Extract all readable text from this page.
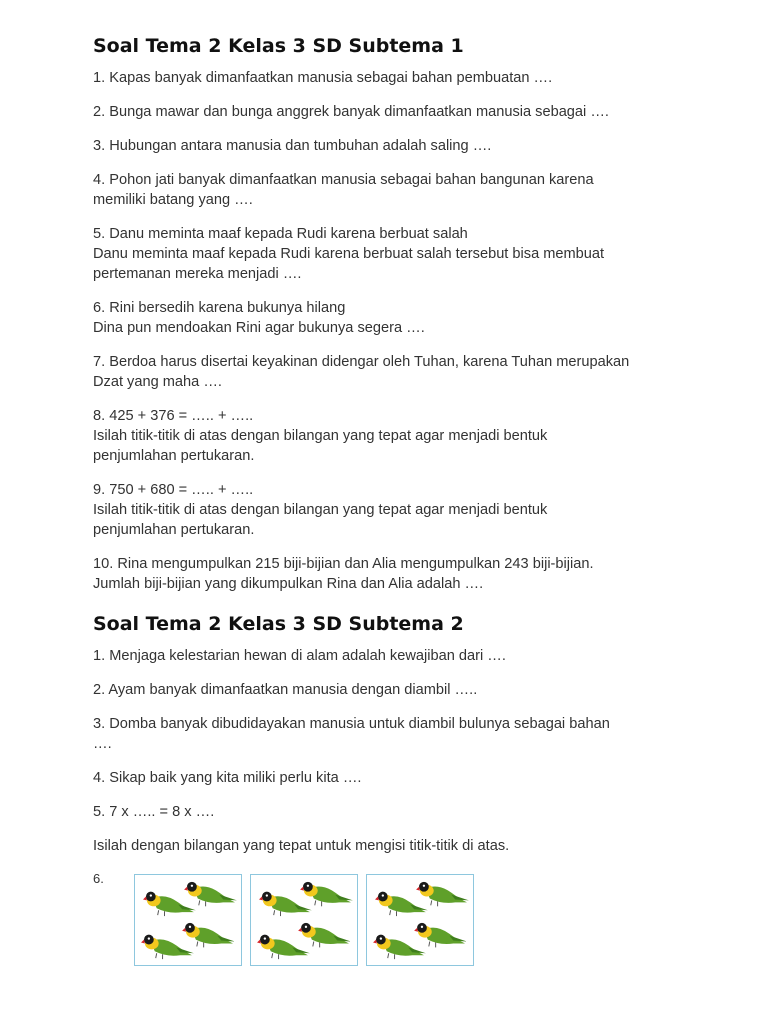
Soal Tema 2 Kelas 3 SD Subtema 1

1. Kapas banyak dimanfaatkan manusia sebagai bahan pembuatan ….

2. Bunga mawar dan bunga anggrek banyak dimanfaatkan manusia sebagai ….

3. Hubungan antara manusia dan tumbuhan adalah saling ….

4. Pohon jati banyak dimanfaatkan manusia sebagai bahan bangunan karena
memiliki batang yang ….

5. Danu meminta maaf kepada Rudi karena berbuat salah
Danu meminta maaf kepada Rudi karena berbuat salah tersebut bisa membuat
pertemanan mereka menjadi ….

6. Rini bersedih karena bukunya hilang
Dina pun mendoakan Rini agar bukunya segera ….

7. Berdoa harus disertai keyakinan didengar oleh Tuhan, karena Tuhan merupakan
Dzat yang maha ….

8. 425 + 376 = ….. + …..
Isilah titik-titik di atas dengan bilangan yang tepat agar menjadi bentuk
penjumlahan pertukaran.

9. 750 + 680 = ….. + …..
Isilah titik-titik di atas dengan bilangan yang tepat agar menjadi bentuk
penjumlahan pertukaran.

10. Rina mengumpulkan 215 biji-bijian dan Alia mengumpulkan 243 biji-bijian.
Jumlah biji-bijian yang dikumpulkan Rina dan Alia adalah ….

Soal Tema 2 Kelas 3 SD Subtema 2

1. Menjaga kelestarian hewan di alam adalah kewajiban dari ….

2. Ayam banyak dimanfaatkan manusia dengan diambil …..

3. Domba banyak dibudidayakan manusia untuk diambil bulunya sebagai bahan
….

4. Sikap baik yang kita miliki perlu kita ….

5. 7 x ….. = 8 x ….

Isilah dengan bilangan yang tepat untuk mengisi titik-titik di atas.

6.
